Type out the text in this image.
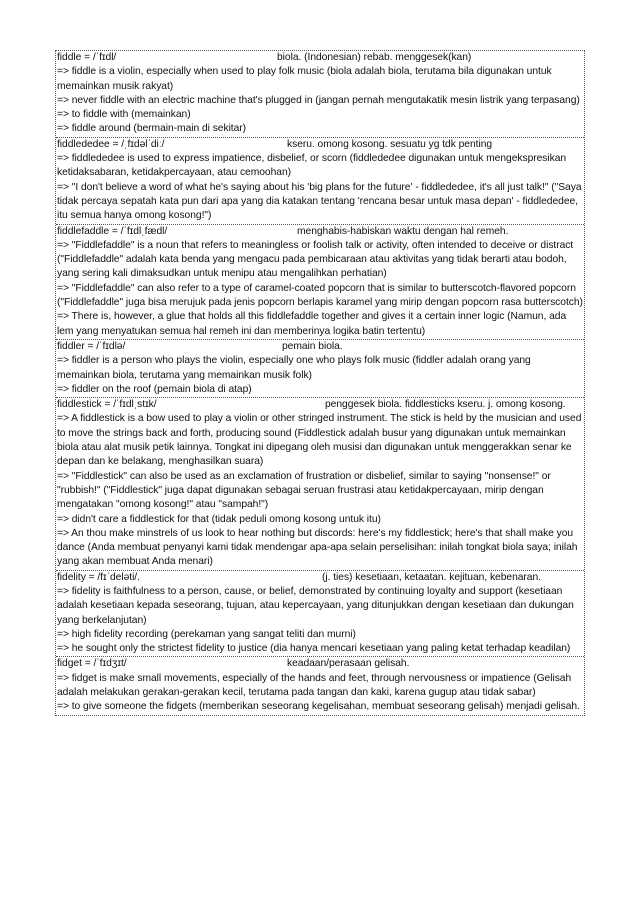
fiddle = /ˈfɪdl/	biola. (Indonesian) rebab. menggesek(kan)
=> fiddle is a violin, especially when used to play folk music (biola adalah biola, terutama bila digunakan untuk memainkan musik rakyat)
=> never fiddle with an electric machine that's plugged in (jangan pernah mengutakatik mesin listrik yang terpasang)
=> to fiddle with (memainkan)
=> fiddle around (bermain-main di sekitar)
fiddlededee = /ˌfɪdəlˈdiː/	kseru. omong kosong. sesuatu yg tdk penting
=> fiddlededee is used to express impatience, disbelief, or scorn (fiddlededee digunakan untuk mengekspresikan ketidaksabaran, ketidakpercayaan, atau cemoohan)
=> "I don't believe a word of what he's saying about his 'big plans for the future' - fiddlededee, it's all just talk!" ("Saya tidak percaya sepatah kata pun dari apa yang dia katakan tentang 'rencana besar untuk masa depan' - fiddlededee, itu semua hanya omong kosong!")
fiddlefaddle = /ˈfɪdlˌfædl/	menghabis-habiskan waktu dengan hal remeh.
=> "Fiddlefaddle" is a noun that refers to meaningless or foolish talk or activity, often intended to deceive or distract ("Fiddlefaddle" adalah kata benda yang mengacu pada pembicaraan atau aktivitas yang tidak berarti atau bodoh, yang sering kali dimaksudkan untuk menipu atau mengalihkan perhatian)
=> "Fiddlefaddle" can also refer to a type of caramel-coated popcorn that is similar to butterscotch-flavored popcorn ("Fiddlefaddle" juga bisa merujuk pada jenis popcorn berlapis karamel yang mirip dengan popcorn rasa butterscotch)
=> There is, however, a glue that holds all this fiddlefaddle together and gives it a certain inner logic (Namun, ada lem yang menyatukan semua hal remeh ini dan memberinya logika batin tertentu)
fiddler = /ˈfɪdlə/	pemain biola.
=> fiddler is a person who plays the violin, especially one who plays folk music (fiddler adalah orang yang memainkan biola, terutama yang memainkan musik folk)
=> fiddler on the roof (pemain biola di atap)
fiddlestick = /ˈfɪdlˌstɪk/	penggesek biola. fiddlesticks kseru. j. omong kosong.
=> A fiddlestick is a bow used to play a violin or other stringed instrument. The stick is held by the musician and used to move the strings back and forth, producing sound (Fiddlestick adalah busur yang digunakan untuk memainkan biola atau alat musik petik lainnya. Tongkat ini dipegang oleh musisi dan digunakan untuk menggerakkan senar ke depan dan ke belakang, menghasilkan suara)
=> "Fiddlestick" can also be used as an exclamation of frustration or disbelief, similar to saying "nonsense!" or "rubbish!" ("Fiddlestick" juga dapat digunakan sebagai seruan frustrasi atau ketidakpercayaan, mirip dengan mengatakan "omong kosong!" atau "sampah!")
=> didn't care a fiddlestick for that (tidak peduli omong kosong untuk itu)
=> An thou make minstrels of us look to hear nothing but discords: here's my fiddlestick; here's that shall make you dance (Anda membuat penyanyi kami tidak mendengar apa-apa selain perselisihan: inilah tongkat biola saya; inilah yang akan membuat Anda menari)
fidelity = /fɪˈdeləti/.	(j. ties) kesetiaan, ketaatan. kejituan, kebenaran.
=> fidelity is faithfulness to a person, cause, or belief, demonstrated by continuing loyalty and support (kesetiaan adalah kesetiaan kepada seseorang, tujuan, atau kepercayaan, yang ditunjukkan dengan kesetiaan dan dukungan yang berkelanjutan)
=> high fidelity recording (perekaman yang sangat teliti dan murni)
=> he sought only the strictest fidelity to justice (dia hanya mencari kesetiaan yang paling ketat terhadap keadilan)
fidget = /ˈfɪdʒɪt/	keadaan/perasaan gelisah.
=> fidget is make small movements, especially of the hands and feet, through nervousness or impatience (Gelisah adalah melakukan gerakan-gerakan kecil, terutama pada tangan dan kaki, karena gugup atau tidak sabar)
=> to give someone the fidgets (memberikan seseorang kegelisahan, membuat seseorang gelisah) menjadi gelisah.
